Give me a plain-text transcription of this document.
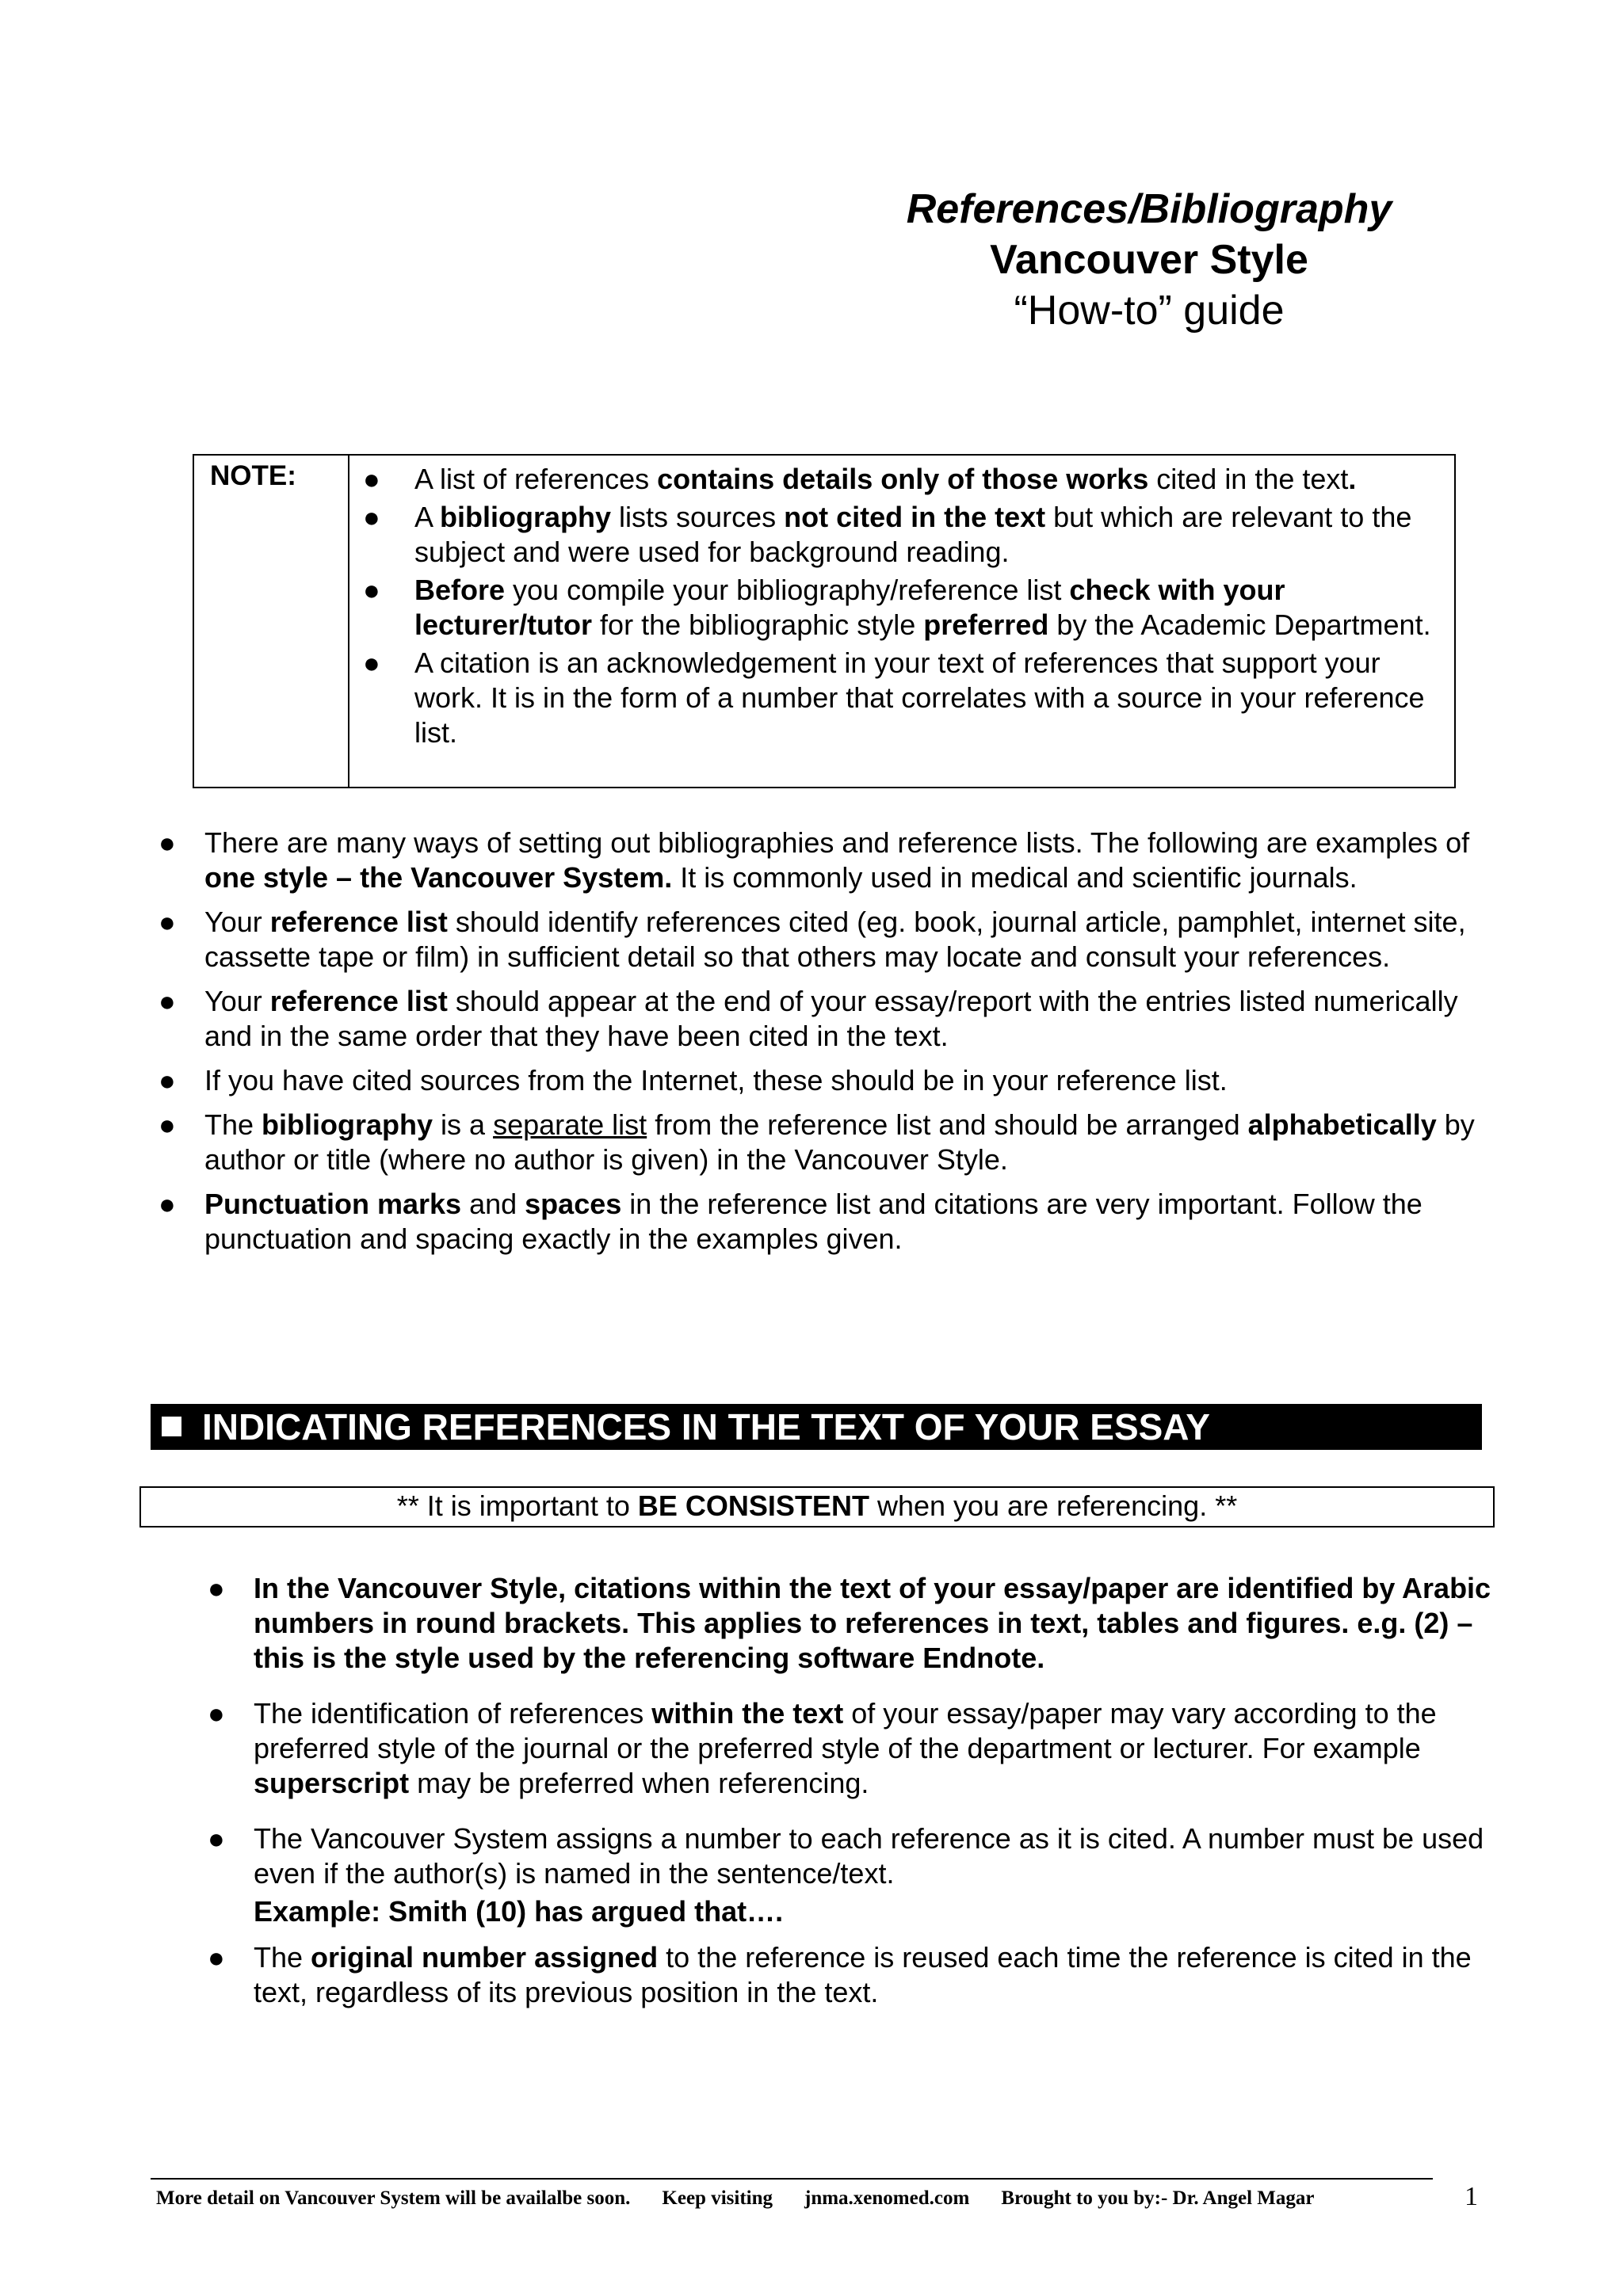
References/Bibliography
Vancouver Style
“How-to” guide
NOTE: ● A list of references contains details only of those works cited in the text.
● A bibliography lists sources not cited in the text but which are relevant to the subject and were used for background reading.
● Before you compile your bibliography/reference list check with your lecturer/tutor for the bibliographic style preferred by the Academic Department.
● A citation is an acknowledgement in your text of references that support your work. It is in the form of a number that correlates with a source in your reference list.
● There are many ways of setting out bibliographies and reference lists. The following are examples of one style – the Vancouver System. It is commonly used in medical and scientific journals.
● Your reference list should identify references cited (eg. book, journal article, pamphlet, internet site, cassette tape or film) in sufficient detail so that others may locate and consult your references.
● Your reference list should appear at the end of your essay/report with the entries listed numerically and in the same order that they have been cited in the text.
● If you have cited sources from the Internet, these should be in your reference list.
● The bibliography is a separate list from the reference list and should be arranged alphabetically by author or title (where no author is given) in the Vancouver Style.
● Punctuation marks and spaces in the reference list and citations are very important. Follow the punctuation and spacing exactly in the examples given.
INDICATING REFERENCES IN THE TEXT OF YOUR ESSAY
** It is important to BE CONSISTENT when you are referencing. **
● In the Vancouver Style, citations within the text of your essay/paper are identified by Arabic numbers in round brackets. This applies to references in text, tables and figures. e.g. (2) – this is the style used by the referencing software Endnote.
● The identification of references within the text of your essay/paper may vary according to the preferred style of the journal or the preferred style of the department or lecturer. For example superscript may be preferred when referencing.
● The Vancouver System assigns a number to each reference as it is cited. A number must be used even if the author(s) is named in the sentence/text.
Example: Smith (10) has argued that….
● The original number assigned to the reference is reused each time the reference is cited in the text, regardless of its previous position in the text.
More detail on Vancouver System will be availalbe soon. Keep visiting jnma.xenomed.com Brought to you by:- Dr. Angel Magar	1
